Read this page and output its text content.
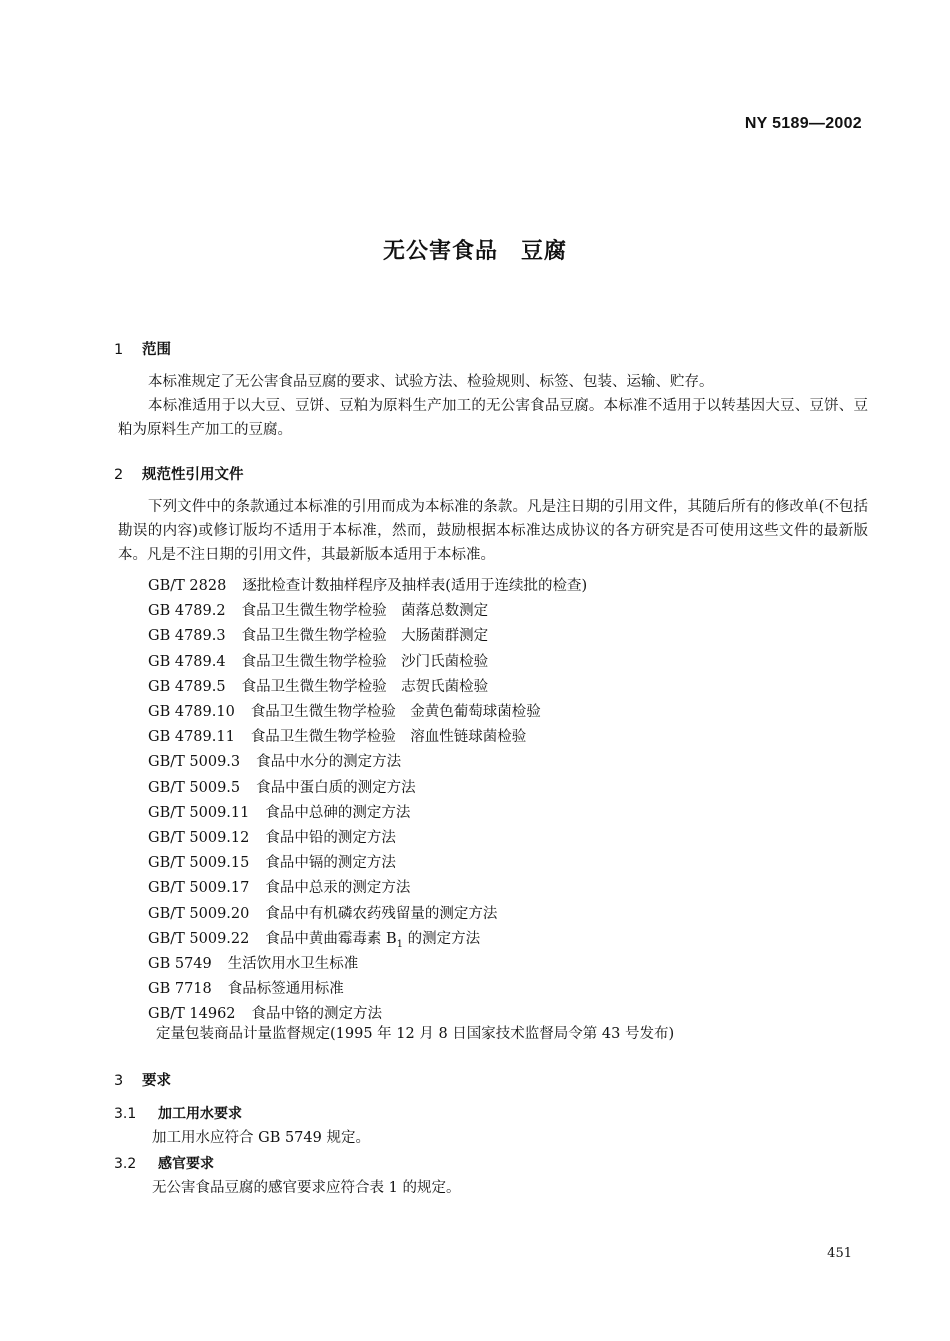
NY 5189—2002
无公害食品　豆腐
1 范围

本标准规定了无公害食品豆腐的要求、试验方法、检验规则、标签、包装、运输、贮存。

本标准适用于以大豆、豆饼、豆粕为原料生产加工的无公害食品豆腐。本标准不适用于以转基因大豆、豆饼、豆粕为原料生产加工的豆腐。

2 规范性引用文件

下列文件中的条款通过本标准的引用而成为本标准的条款。凡是注日期的引用文件，其随后所有的修改单(不包括勘误的内容)或修订版均不适用于本标准，然而，鼓励根据本标准达成协议的各方研究是否可使用这些文件的最新版本。凡是不注日期的引用文件，其最新版本适用于本标准。

GB/T 2828 逐批检查计数抽样程序及抽样表(适用于连续批的检查)
GB 4789.2 食品卫生微生物学检验　菌落总数测定
GB 4789.3 食品卫生微生物学检验　大肠菌群测定
GB 4789.4 食品卫生微生物学检验　沙门氏菌检验
GB 4789.5 食品卫生微生物学检验　志贺氏菌检验
GB 4789.10 食品卫生微生物学检验　金黄色葡萄球菌检验
GB 4789.11 食品卫生微生物学检验　溶血性链球菌检验
GB/T 5009.3 食品中水分的测定方法
GB/T 5009.5 食品中蛋白质的测定方法
GB/T 5009.11 食品中总砷的测定方法
GB/T 5009.12 食品中铅的测定方法
GB/T 5009.15 食品中镉的测定方法
GB/T 5009.17 食品中总汞的测定方法
GB/T 5009.20 食品中有机磷农药残留量的测定方法
GB/T 5009.22 食品中黄曲霉毒素 $B_1$ 的测定方法
GB 5749 生活饮用水卫生标准
GB 7718 食品标签通用标准
GB/T 14962 食品中铬的测定方法
定量包装商品计量监督规定(1995 年 12 月 8 日国家技术监督局令第 43 号发布)
3 要求
3.1 加工用水要求
加工用水应符合 GB 5749 规定。
3.2 感官要求
无公害食品豆腐的感官要求应符合表 1 的规定。
451
